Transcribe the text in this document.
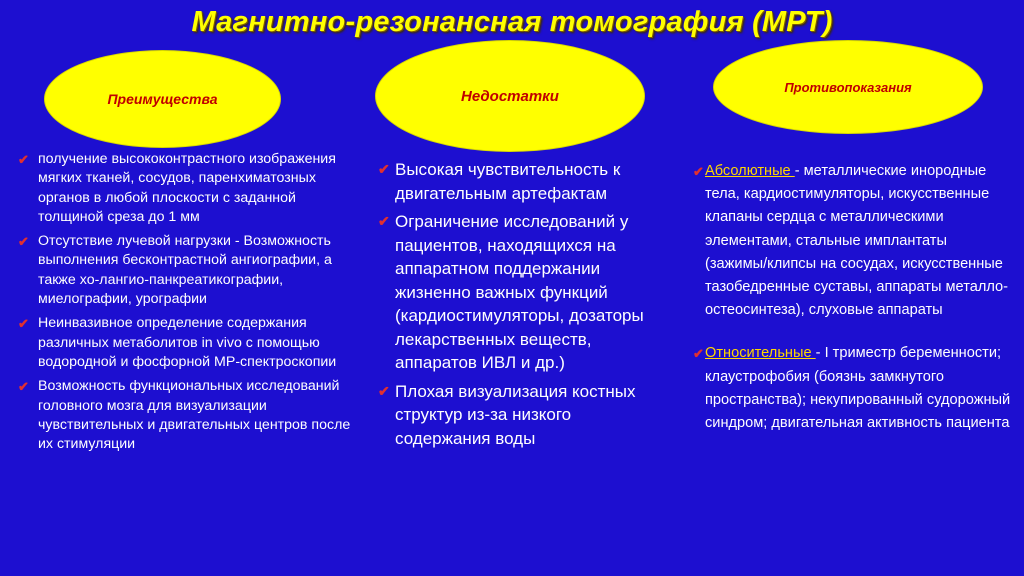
Магнитно-резонансная томография (МРТ)
Преимущества	Недостатки
Противопоказания
✔ получение высококонтрастного изображения мягких тканей, сосудов, паренхиматозных органов в любой плоскости с заданной толщиной среза до 1 мм
✔ Отсутствие лучевой нагрузки - Возможность выполнения бесконтрастной ангиографии, а также хо-лангио-панкреатикографии, миелографии, урографии
✔ Неинвазивное определение содержания различных метаболитов in vivo с помощью водородной и фосфорной МР-спектроскопии
✔ Возможность функциональных исследований головного мозга для визуализации чувствительных и двигательных центров после их стимуляции
✔ Высокая чувствительность к двигательным артефактам
✔ Ограничение исследований у пациентов, находящихся на аппаратном поддержании жизненно важных функций (кардиостимуляторы, дозаторы лекарственных веществ, аппаратов ИВЛ и др.)
✔ Плохая визуализация костных структур из-за низкого содержания воды
✔ Абсолютные - металлические инородные тела, кардиостимуляторы, искусственные клапаны сердца с металлическими элементами, стальные имплантаты (зажимы/клипсы на сосудах, искусственные тазобедренные суставы, аппараты металло-остеосинтеза), слуховые аппараты
✔ Относительные - I триместр беременности; клаустрофобия (боязнь замкнутого пространства); некупированный судорожный синдром; двигательная активность пациента
